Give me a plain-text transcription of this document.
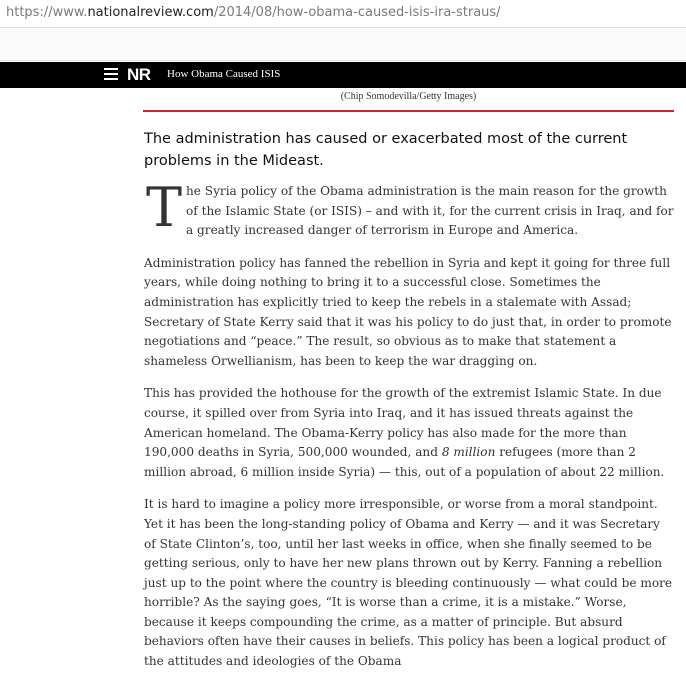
https://www.nationalreview.com/2014/08/how-obama-caused-isis-ira-straus/
NR How Obama Caused ISIS
(Chip Somodevilla/Getty Images)
The administration has caused or exacerbated most of the current problems in the Mideast.

T he Syria policy of the Obama administration is the main reason for the growth of the Islamic State (or ISIS) – and with it, for the current crisis in Iraq, and for a greatly increased danger of terrorism in Europe and America.

Administration policy has fanned the rebellion in Syria and kept it going for three full years, while doing nothing to bring it to a successful close. Sometimes the administration has explicitly tried to keep the rebels in a stalemate with Assad; Secretary of State Kerry said that it was his policy to do just that, in order to promote negotiations and “peace.” The result, so obvious as to make that statement a shameless Orwellianism, has been to keep the war dragging on.

This has provided the hothouse for the growth of the extremist Islamic State. In due course, it spilled over from Syria into Iraq, and it has issued threats against the American homeland. The Obama-Kerry policy has also made for the more than 190,000 deaths in Syria, 500,000 wounded, and 8 million refugees (more than 2 million abroad, 6 million inside Syria) — this, out of a population of about 22 million.

It is hard to imagine a policy more irresponsible, or worse from a moral standpoint. Yet it has been the long-standing policy of Obama and Kerry — and it was Secretary of State Clinton’s, too, until her last weeks in office, when she finally seemed to be getting serious, only to have her new plans thrown out by Kerry. Fanning a rebellion just up to the point where the country is bleeding continuously — what could be more horrible? As the saying goes, “It is worse than a crime, it is a mistake.” Worse, because it keeps compounding the crime, as a matter of principle. But absurd behaviors often have their causes in beliefs. This policy has been a logical product of the attitudes and ideologies of the Obama
